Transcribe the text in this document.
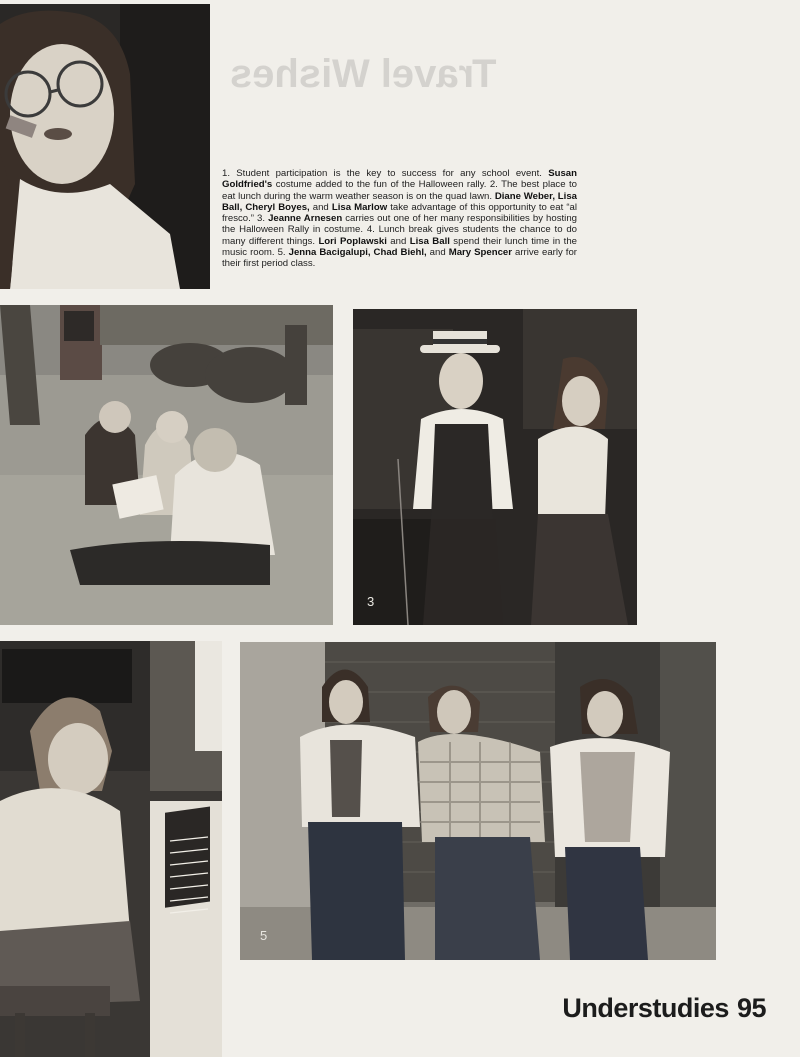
Travel Wishes

1. Student participation is the key to success for any school event. Susan Goldfried's costume added to the fun of the Halloween rally. 2. The best place to eat lunch during the warm weather season is on the quad lawn. Diane Weber, Lisa Ball, Cheryl Boyes, and Lisa Marlow take advantage of this opportunity to eat “al fresco.” 3. Jeanne Arnesen carries out one of her many responsibilities by hosting the Halloween Rally in costume. 4. Lunch break gives students the chance to do many different things. Lori Poplawski and Lisa Ball spend their lunch time in the music room. 5. Jenna Bacigalupi, Chad Biehl, and Mary Spencer arrive early for their first period class.

3
5

Understudies 95
